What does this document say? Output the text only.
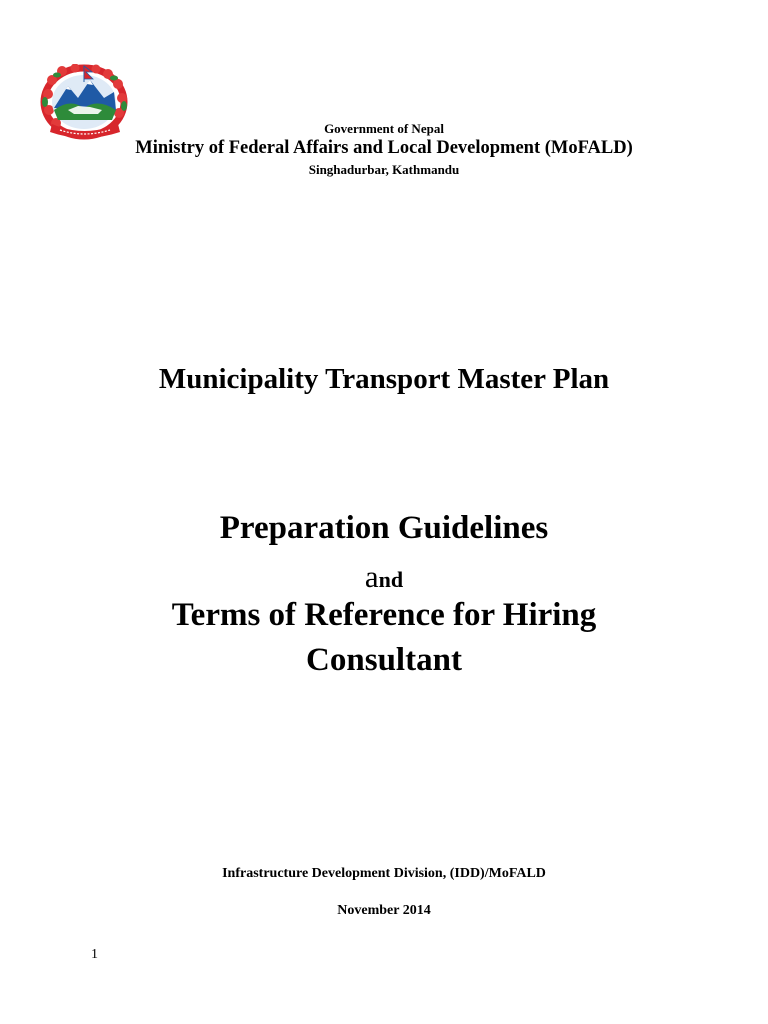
Government of Nepal
Ministry of Federal Affairs and Local Development (MoFALD)
Singhadurbar, Kathmandu
Municipality Transport Master Plan
Preparation Guidelines
and
Terms of Reference for Hiring
Consultant
Infrastructure Development Division, (IDD)/MoFALD
November 2014
1
